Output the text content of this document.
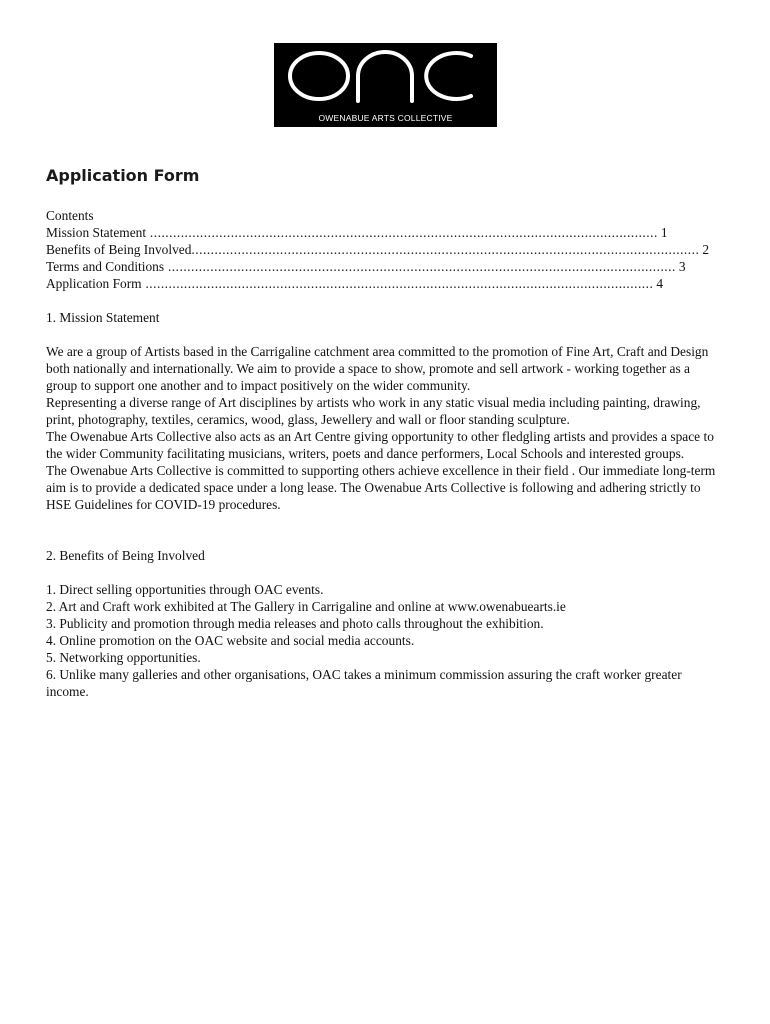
OWENABUE ARTS COLLECTIVE
Application Form

Contents

Mission Statement .................................................................................................................................... 1
Benefits of Being Involved .................................................................................................................................... 2
Terms and Conditions .................................................................................................................................... 3
Application Form .................................................................................................................................... 4

1. Mission Statement

We are a group of Artists based in the Carrigaline catchment area committed to the promotion of Fine Art, Craft and Design both nationally and internationally. We aim to provide a space to show, promote and sell artwork - working together as a group to support one another and to impact positively on the wider community.

Representing a diverse range of Art disciplines by artists who work in any static visual media including painting, drawing, print, photography, textiles, ceramics, wood, glass, Jewellery and wall or floor standing sculpture.

The Owenabue Arts Collective also acts as an Art Centre giving opportunity to other fledgling artists and provides a space to the wider Community facilitating musicians, writers, poets and dance performers, Local Schools and interested groups.

The Owenabue Arts Collective is committed to supporting others achieve excellence in their field . Our immediate long-term aim is to provide a dedicated space under a long lease. The Owenabue Arts Collective is following and adhering strictly to HSE Guidelines for COVID-19 procedures.

2. Benefits of Being Involved

1. Direct selling opportunities through OAC events.

2. Art and Craft work exhibited at The Gallery in Carrigaline and online at www.owenabuearts.ie

3. Publicity and promotion through media releases and photo calls throughout the exhibition.

4. Online promotion on the OAC website and social media accounts.

5. Networking opportunities.

6. Unlike many galleries and other organisations, OAC takes a minimum commission assuring the craft worker greater income.
